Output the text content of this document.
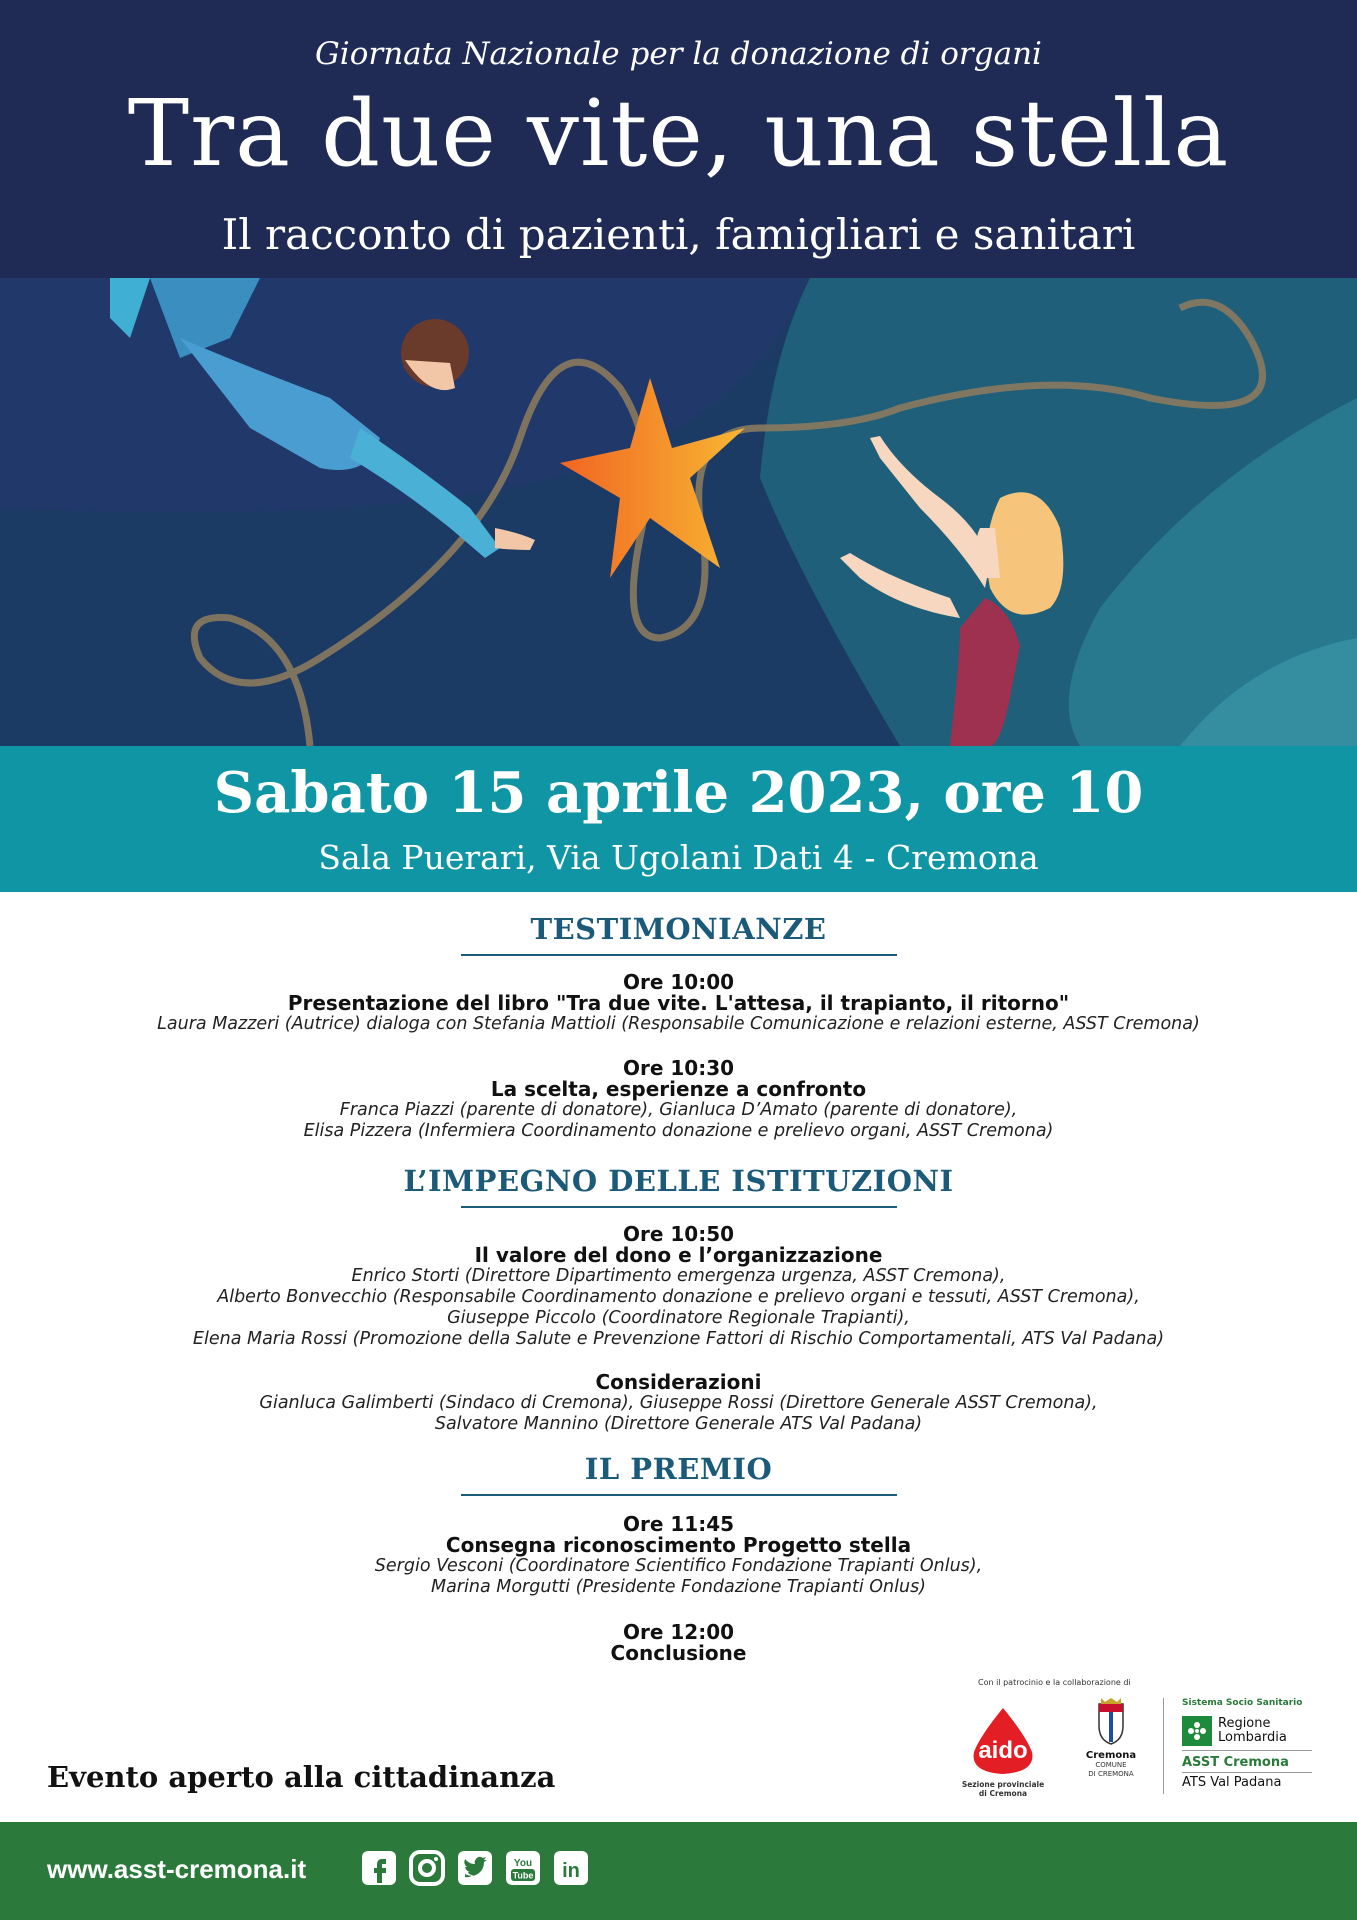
Giornata Nazionale per la donazione di organi
Tra due vite, una stella
Il racconto di pazienti, famigliari e sanitari
Sabato 15 aprile 2023, ore 10
Sala Puerari, Via Ugolani Dati 4 - Cremona
TESTIMONIANZE
Ore 10:00
Presentazione del libro "Tra due vite. L'attesa, il trapianto, il ritorno"
Laura Mazzeri (Autrice) dialoga con Stefania Mattioli (Responsabile Comunicazione e relazioni esterne, ASST Cremona)
Ore 10:30
La scelta, esperienze a confronto
Franca Piazzi (parente di donatore), Gianluca D’Amato (parente di donatore),
Elisa Pizzera (Infermiera Coordinamento donazione e prelievo organi, ASST Cremona)
L’IMPEGNO DELLE ISTITUZIONI
Ore 10:50
Il valore del dono e l’organizzazione
Enrico Storti (Direttore Dipartimento emergenza urgenza, ASST Cremona),
Alberto Bonvecchio (Responsabile Coordinamento donazione e prelievo organi e tessuti, ASST Cremona),
Giuseppe Piccolo (Coordinatore Regionale Trapianti),
Elena Maria Rossi (Promozione della Salute e Prevenzione Fattori di Rischio Comportamentali, ATS Val Padana)
Considerazioni
Gianluca Galimberti (Sindaco di Cremona), Giuseppe Rossi (Direttore Generale ASST Cremona),
Salvatore Mannino (Direttore Generale ATS Val Padana)
IL PREMIO
Ore 11:45
Consegna riconoscimento Progetto stella
Sergio Vesconi (Coordinatore Scientifico Fondazione Trapianti Onlus),
Marina Morgutti (Presidente Fondazione Trapianti Onlus)
Ore 12:00
Conclusione
Evento aperto alla cittadinanza
Con il patrocinio e la collaborazione di
aido
Sezione provinciale
di Cremona
Cremona
COMUNE
DI CREMONA
Sistema Socio Sanitario
Regione
Lombardia
ASST Cremona
ATS Val Padana
www.asst-cremona.it	You
Tube in
